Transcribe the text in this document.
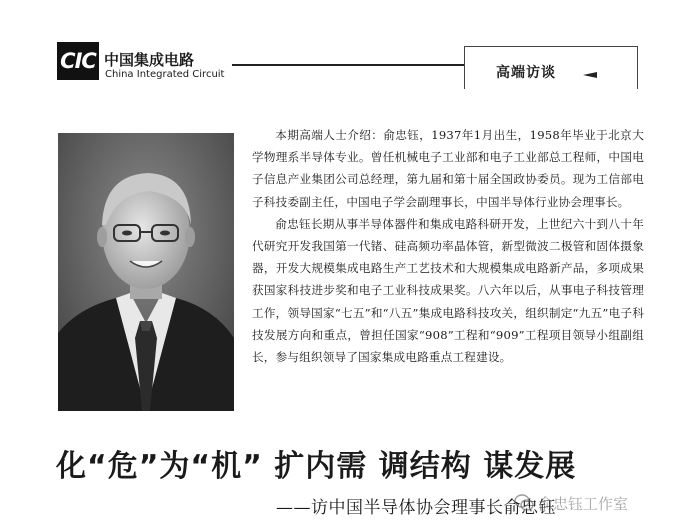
CIC 中国集成电路
China Integrated Circuit	高端访谈

本期高端人士介绍：俞忠钰，1937年1月出生，1958年毕业于北京大学物理系半导体专业。曾任机械电子工业部和电子工业部总工程师，中国电子信息产业集团公司总经理，第九届和第十届全国政协委员。现为工信部电子科技委副主任，中国电子学会副理事长，中国半导体行业协会理事长。

俞忠钰长期从事半导体器件和集成电路科研开发，上世纪六十到八十年代研究开发我国第一代锗、硅高频功率晶体管，新型微波二极管和固体摄象器，开发大规模集成电路生产工艺技术和大规模集成电路新产品，多项成果获国家科技进步奖和电子工业科技成果奖。八六年以后，从事电子科技管理工作，领导国家“七五”和“八五”集成电路科技攻关，组织制定“九五”电子科技发展方向和重点，曾担任国家“908”工程和“909”工程项目领导小组副组长，参与组织领导了国家集成电路重点工程建设。

化“危”为“机” 扩内需 调结构 谋发展
——访中国半导体协会理事长俞忠钰
俞忠钰工作室
